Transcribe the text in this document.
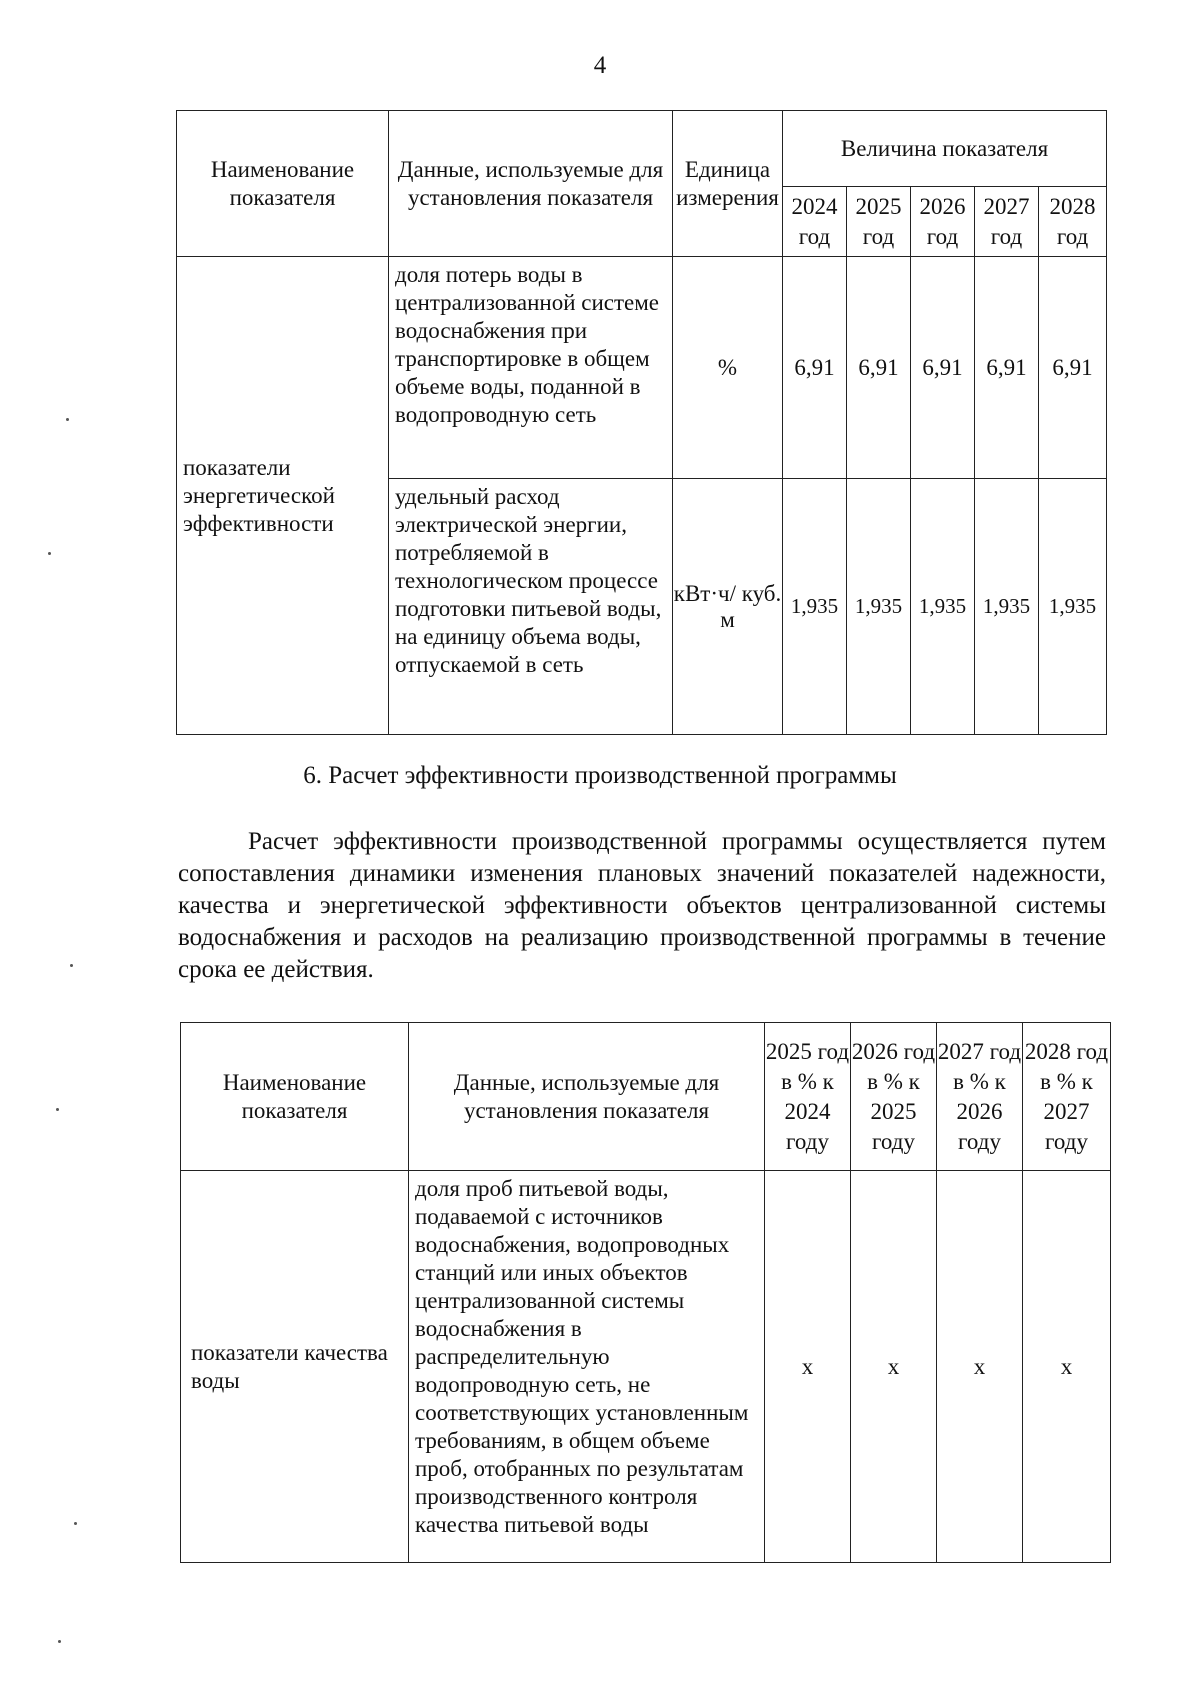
4
Наименование показателя	Данные, используемые для установления показателя	Единица измерения	Величина показателя				
			2024 год	2025 год	2026 год	2027 год	2028 год
показатели энергетической эффективности	доля потерь воды в централизованной системе водоснабжения при транспортировке в общем объеме воды, поданной в водопроводную сеть	%	6,91	6,91	6,91	6,91	6,91
	удельный расход электрической энергии, потребляемой в технологическом процессе подготовки питьевой воды, на единицу объема воды, отпускаемой в сеть	кВт·ч/ куб. м	1,935	1,935	1,935	1,935	1,935
6. Расчет эффективности производственной программы
Расчет эффективности производственной программы осуществляется путем сопоставления динамики изменения плановых значений показателей надежности, качества и энергетической эффективности объектов централизованной системы водоснабжения и расходов на реализацию производственной программы в течение срока ее действия.
Наименование показателя	Данные, используемые для установления показателя	2025 год в % к 2024 году	2026 год в % к 2025 году	2027 год в % к 2026 году	2028 год в % к 2027 году
показатели качества воды	доля проб питьевой воды, подаваемой с источников водоснабжения, водопроводных станций или иных объектов централизованной системы водоснабжения в распределительную водопроводную сеть, не соответствующих установленным требованиям, в общем объеме проб, отобранных по результатам производственного контроля качества питьевой воды	х	х	х	х
